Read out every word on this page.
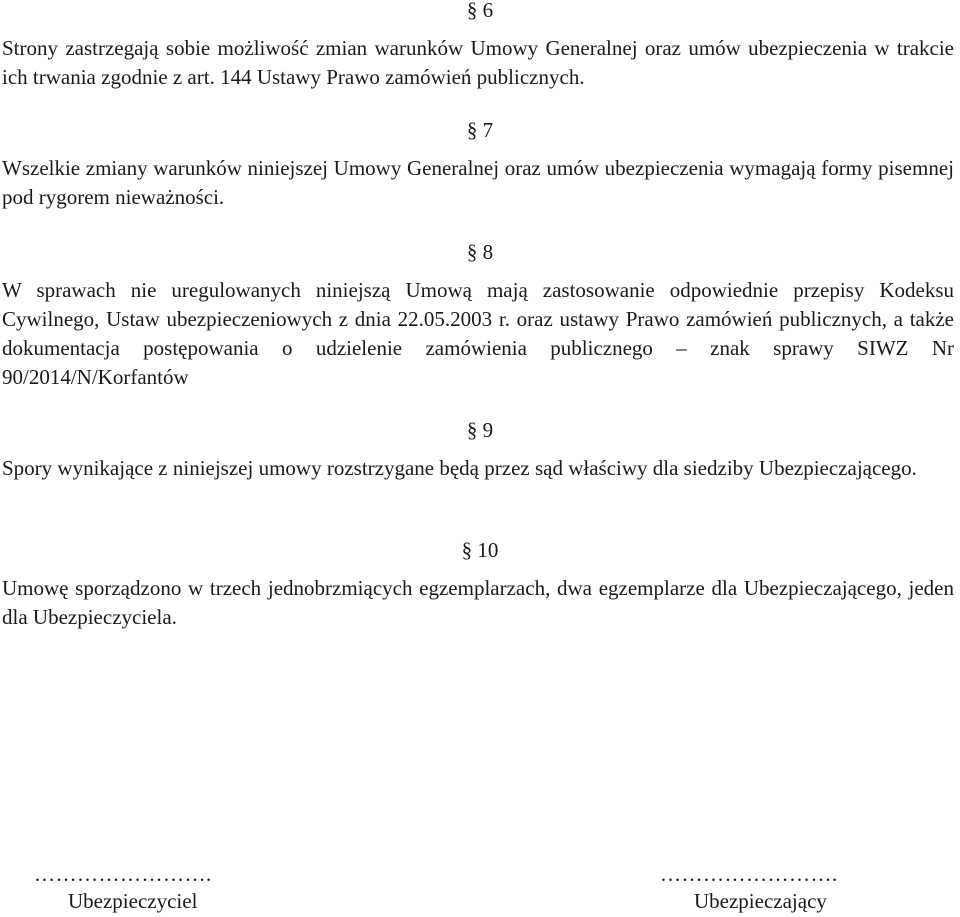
§ 6

Strony zastrzegają sobie możliwość zmian warunków Umowy Generalnej oraz umów ubezpieczenia w trakcie ich trwania zgodnie z art. 144 Ustawy Prawo zamówień publicznych.

§ 7

Wszelkie zmiany warunków niniejszej Umowy Generalnej oraz umów ubezpieczenia wymagają formy pisemnej pod rygorem nieważności.

§ 8

W sprawach nie uregulowanych niniejszą Umową mają zastosowanie odpowiednie przepisy Kodeksu Cywilnego, Ustaw ubezpieczeniowych z dnia 22.05.2003 r. oraz ustawy Prawo zamówień publicznych, a także dokumentacja postępowania o udzielenie zamówienia publicznego – znak sprawy SIWZ Nr 90/2014/N/Korfantów

§ 9

Spory wynikające z niniejszej umowy rozstrzygane będą przez sąd właściwy dla siedziby Ubezpieczającego.

§ 10

Umowę sporządzono w trzech jednobrzmiących egzemplarzach, dwa egzemplarze dla Ubezpieczającego, jeden dla Ubezpieczyciela.

…………………….
Ubezpieczyciel
…………………….
Ubezpieczający
